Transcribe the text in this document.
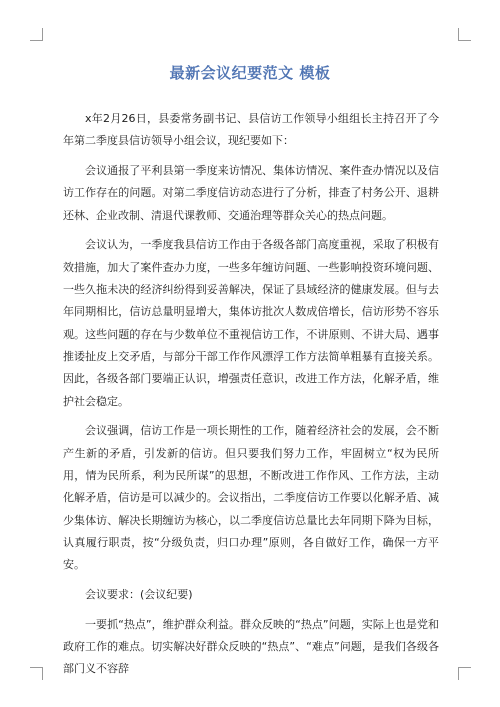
最新会议纪要范文 模板

x年2月26日，县委常务副书记、县信访工作领导小组组长主持召开了今年第二季度县信访领导小组会议，现纪要如下：

会议通报了平利县第一季度来访情况、集体访情况、案件查办情况以及信访工作存在的问题。对第二季度信访动态进行了分析，排查了村务公开、退耕还林、企业改制、清退代课教师、交通治理等群众关心的热点问题。

会议认为，一季度我县信访工作由于各级各部门高度重视，采取了积极有效措施，加大了案件查办力度，一些多年缠访问题、一些影响投资环境问题、一些久拖未决的经济纠纷得到妥善解决，保证了县域经济的健康发展。但与去年同期相比，信访总量明显增大，集体访批次人数成倍增长，信访形势不容乐观。这些问题的存在与少数单位不重视信访工作，不讲原则、不讲大局、遇事推诿扯皮上交矛盾，与部分干部工作作风漂浮工作方法简单粗暴有直接关系。因此，各级各部门要端正认识，增强责任意识，改进工作方法，化解矛盾，维护社会稳定。

会议强调，信访工作是一项长期性的工作，随着经济社会的发展，会不断产生新的矛盾，引发新的信访。但只要我们努力工作，牢固树立“权为民所用，情为民所系，利为民所谋”的思想，不断改进工作作风、工作方法，主动化解矛盾，信访是可以减少的。会议指出，二季度信访工作要以化解矛盾、减少集体访、解决长期缠访为核心，以二季度信访总量比去年同期下降为目标，认真履行职责，按“分级负责，归口办理”原则，各自做好工作，确保一方平安。

会议要求：(会议纪要)

一要抓“热点”，维护群众利益。群众反映的“热点”问题，实际上也是党和政府工作的难点。切实解决好群众反映的“热点”、“难点”问题，是我们各级各部门义不容辞
